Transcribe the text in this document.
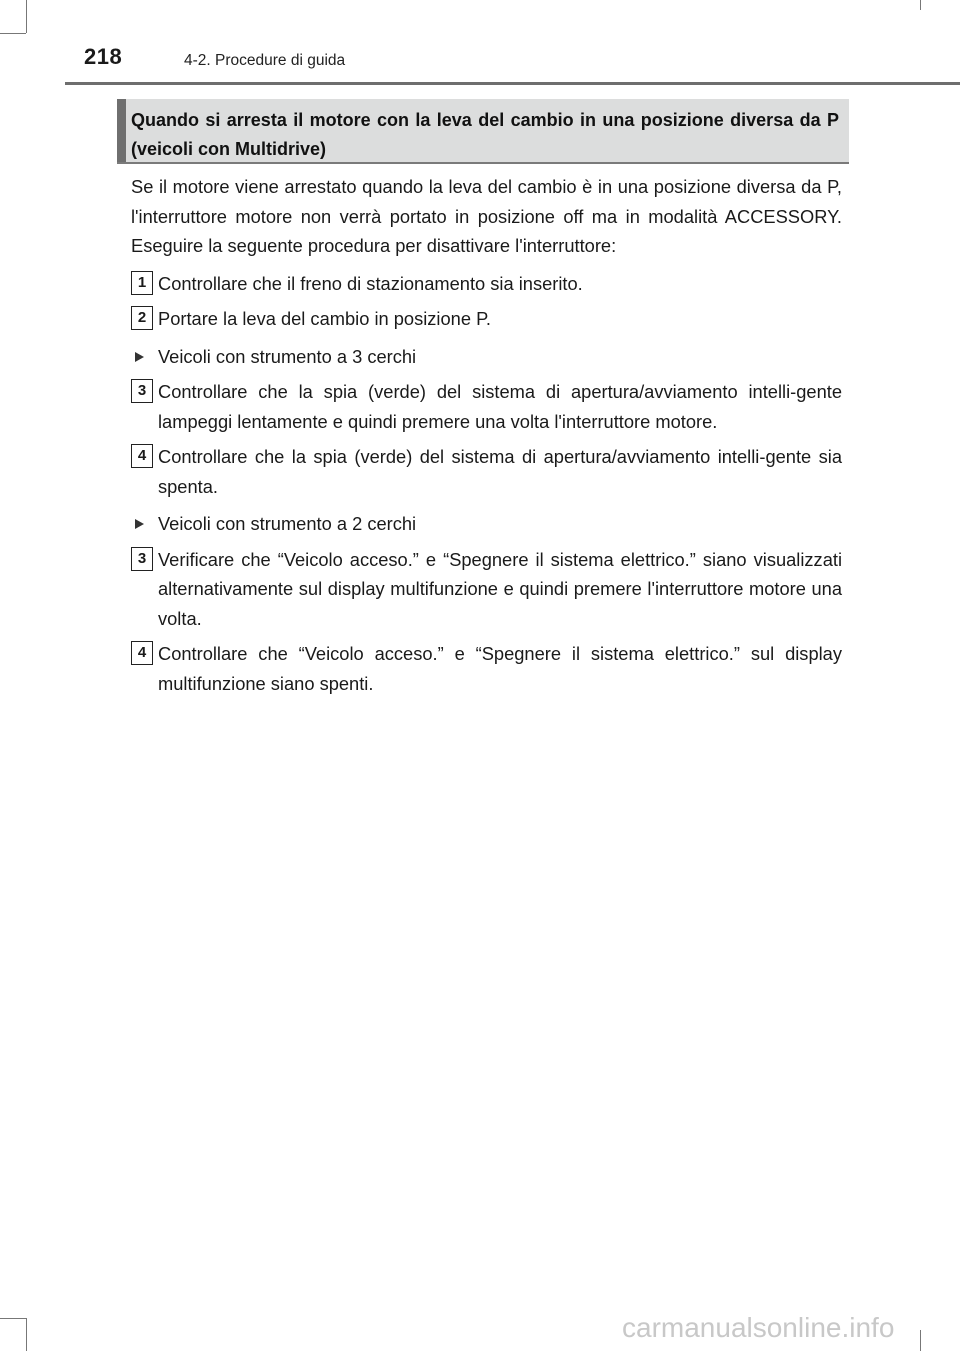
218	4-2. Procedure di guida
Quando si arresta il motore con la leva del cambio in una posizione diversa da P (veicoli con Multidrive)

Se il motore viene arrestato quando la leva del cambio è in una posizione diversa da P, l'interruttore motore non verrà portato in posizione off ma in modalità ACCESSORY. Eseguire la seguente procedura per disattivare l'interruttore:

1 Controllare che il freno di stazionamento sia inserito.
2 Portare la leva del cambio in posizione P.
Veicoli con strumento a 3 cerchi
3 Controllare che la spia (verde) del sistema di apertura/avviamento intelli-gente lampeggi lentamente e quindi premere una volta l'interruttore motore.
4 Controllare che la spia (verde) del sistema di apertura/avviamento intelli-gente sia spenta.
Veicoli con strumento a 2 cerchi
3 Verificare che “Veicolo acceso.” e “Spegnere il sistema elettrico.” siano visualizzati alternativamente sul display multifunzione e quindi premere l'interruttore motore una volta.
4 Controllare che “Veicolo acceso.” e “Spegnere il sistema elettrico.” sul display multifunzione siano spenti.
carmanualsonline.info
